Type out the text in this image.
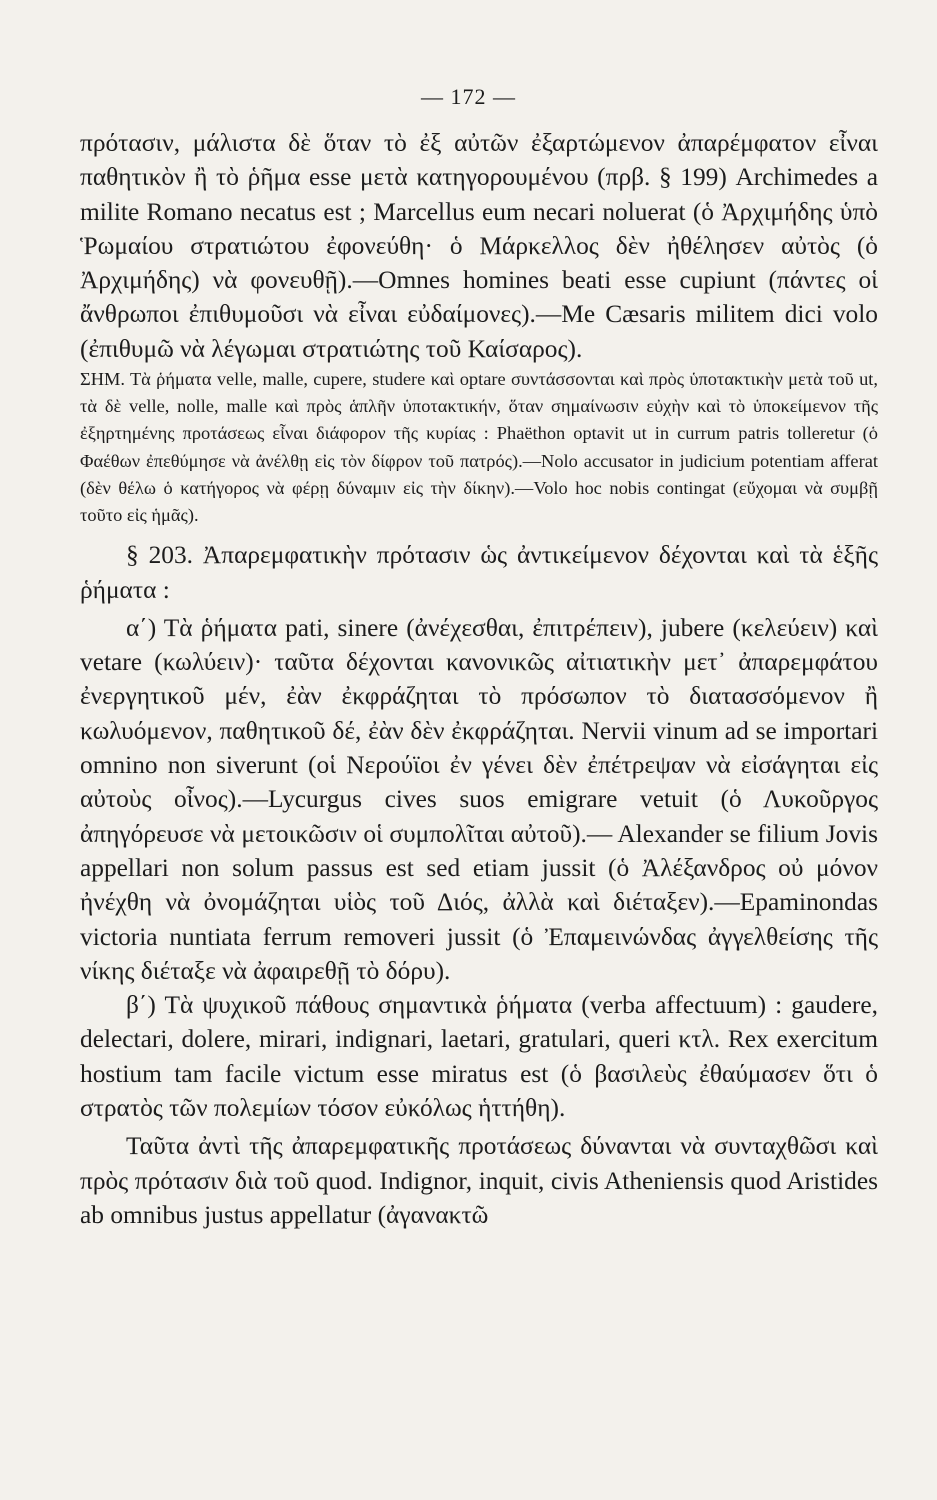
— 172 —

πρότασιν, μάλιστα δὲ ὅταν τὸ ἐξ αὐτῶν ἐξαρτώμενον ἀπαρέμφατον εἶναι παθητικὸν ἢ τὸ ῥῆμα esse μετὰ κατηγορουμένου (πρβ. § 199) Archimedes a milite Romano necatus est ; Marcellus eum necari noluerat (ὁ Ἀρχιμήδης ὑπὸ Ῥωμαίου στρατιώτου ἐφονεύθη· ὁ Μάρκελλος δὲν ἠθέλησεν αὐτὸς (ὁ Ἀρχιμήδης) νὰ φονευθῇ).—Omnes homines beati esse cupiunt (πάντες οἱ ἄνθρωποι ἐπιθυμοῦσι νὰ εἶναι εὐδαίμονες).—Me Cæsaris militem dici volo (ἐπιθυμῶ νὰ λέγωμαι στρατιώτης τοῦ Καίσαρος).

ΣΗΜ. Τὰ ῥήματα velle, malle, cupere, studere καὶ optare συντάσσονται καὶ πρὸς ὑποτακτικὴν μετὰ τοῦ ut, τὰ δὲ velle, nolle, malle καὶ πρὸς ἁπλῆν ὑποτακτικήν, ὅταν σημαίνωσιν εὐχὴν καὶ τὸ ὑποκείμενον τῆς ἐξηρτημένης προτάσεως εἶναι διάφορον τῆς κυρίας : Phaëthon optavit ut in currum patris tolleretur (ὁ Φαέθων ἐπεθύμησε νὰ ἀνέλθῃ εἰς τὸν δίφρον τοῦ πατρός).—Nolo accusator in judicium potentiam afferat (δὲν θέλω ὁ κατήγορος νὰ φέρῃ δύναμιν εἰς τὴν δίκην).—Volo hoc nobis contingat (εὔχομαι νὰ συμβῇ τοῦτο εἰς ἡμᾶς).

§ 203. Ἀπαρεμφατικὴν πρότασιν ὡς ἀντικείμενον δέχονται καὶ τὰ ἑξῆς ῥήματα :

α΄) Τὰ ῥήματα pati, sinere (ἀνέχεσθαι, ἐπιτρέπειν), jubere (κελεύειν) καὶ vetare (κωλύειν)· ταῦτα δέχονται κανονικῶς αἰτιατικὴν μετ᾽ ἀπαρεμφάτου ἐνεργητικοῦ μέν, ἐὰν ἐκφράζηται τὸ πρόσωπον τὸ διατασσόμενον ἢ κωλυόμενον, παθητικοῦ δέ, ἐὰν δὲν ἐκφράζηται. Nervii vinum ad se importari omnino non siverunt (οἱ Νερούϊοι ἐν γένει δὲν ἐπέτρεψαν νὰ εἰσάγηται εἰς αὐτοὺς οἶνος).—Lycurgus cives suos emigrare vetuit (ὁ Λυκοῦργος ἀπηγόρευσε νὰ μετοικῶσιν οἱ συμπολῖται αὐτοῦ).— Alexander se filium Jovis appellari non solum passus est sed etiam jussit (ὁ Ἀλέξανδρος οὐ μόνον ἠνέχθη νὰ ὀνομάζηται υἱὸς τοῦ Διός, ἀλλὰ καὶ διέταξεν).—Epaminondas victoria nuntiata ferrum removeri jussit (ὁ Ἐπαμεινώνδας ἀγγελθείσης τῆς νίκης διέταξε νὰ ἀφαιρεθῇ τὸ δόρυ).

β΄) Τὰ ψυχικοῦ πάθους σημαντικὰ ῥήματα (verba affectuum) : gaudere, delectari, dolere, mirari, indignari, laetari, gratulari, queri κτλ. Rex exercitum hostium tam facile victum esse miratus est (ὁ βασιλεὺς ἐθαύμασεν ὅτι ὁ στρατὸς τῶν πολεμίων τόσον εὐκόλως ἡττήθη).

Ταῦτα ἀντὶ τῆς ἀπαρεμφατικῆς προτάσεως δύνανται νὰ συνταχθῶσι καὶ πρὸς πρότασιν διὰ τοῦ quod. Indignor, inquit, civis Atheniensis quod Aristides ab omnibus justus appellatur (ἀγανακτῶ
